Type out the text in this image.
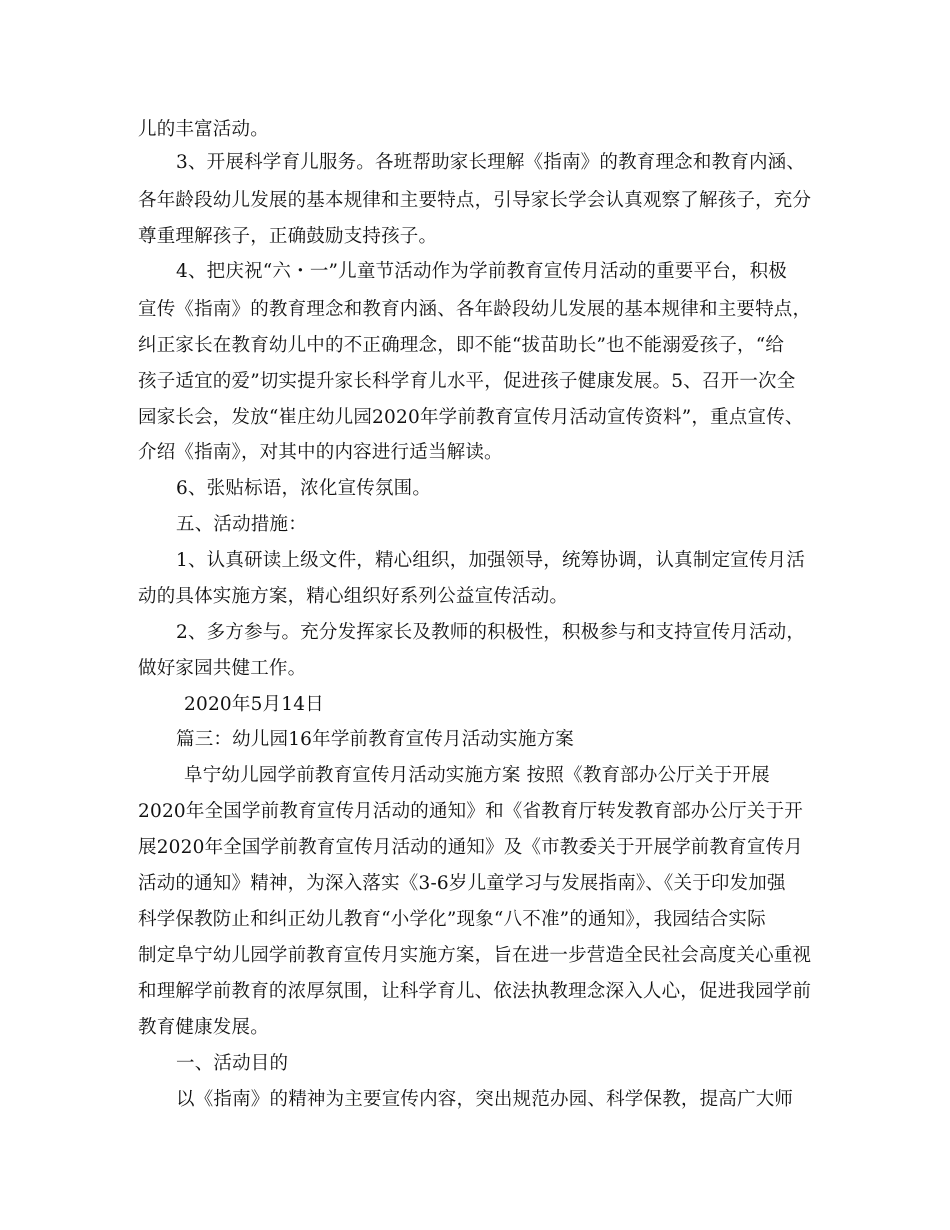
儿的丰富活动。
3、开展科学育儿服务。各班帮助家长理解《指南》的教育理念和教育内涵、
各年龄段幼儿发展的基本规律和主要特点，引导家长学会认真观察了解孩子，充分
尊重理解孩子，正确鼓励支持孩子。
4、把庆祝“六・一”儿童节活动作为学前教育宣传月活动的重要平台，积极
宣传《指南》的教育理念和教育内涵、各年龄段幼儿发展的基本规律和主要特点，
纠正家长在教育幼儿中的不正确理念，即不能“拔苗助长”也不能溺爱孩子，“给
孩子适宜的爱”切实提升家长科学育儿水平，促进孩子健康发展。5、召开一次全
园家长会，发放“崔庄幼儿园2020年学前教育宣传月活动宣传资料”，重点宣传、
介绍《指南》，对其中的内容进行适当解读。
6、张贴标语，浓化宣传氛围。
五、活动措施：
1、认真研读上级文件，精心组织，加强领导，统筹协调，认真制定宣传月活
动的具体实施方案，精心组织好系列公益宣传活动。
2、多方参与。充分发挥家长及教师的积极性，积极参与和支持宣传月活动，
做好家园共健工作。
2020年5月14日
篇三：幼儿园16年学前教育宣传月活动实施方案
阜宁幼儿园学前教育宣传月活动实施方案 按照《教育部办公厅关于开展
2020年全国学前教育宣传月活动的通知》和《省教育厅转发教育部办公厅关于开
展2020年全国学前教育宣传月活动的通知》及《市教委关于开展学前教育宣传月
活动的通知》精神，为深入落实《3-6岁儿童学习与发展指南》、《关于印发加强
科学保教防止和纠正幼儿教育“小学化”现象“八不准”的通知》，我园结合实际
制定阜宁幼儿园学前教育宣传月实施方案，旨在进一步营造全民社会高度关心重视
和理解学前教育的浓厚氛围，让科学育儿、依法执教理念深入人心，促进我园学前
教育健康发展。
一、活动目的
以《指南》的精神为主要宣传内容，突出规范办园、科学保教，提高广大师
